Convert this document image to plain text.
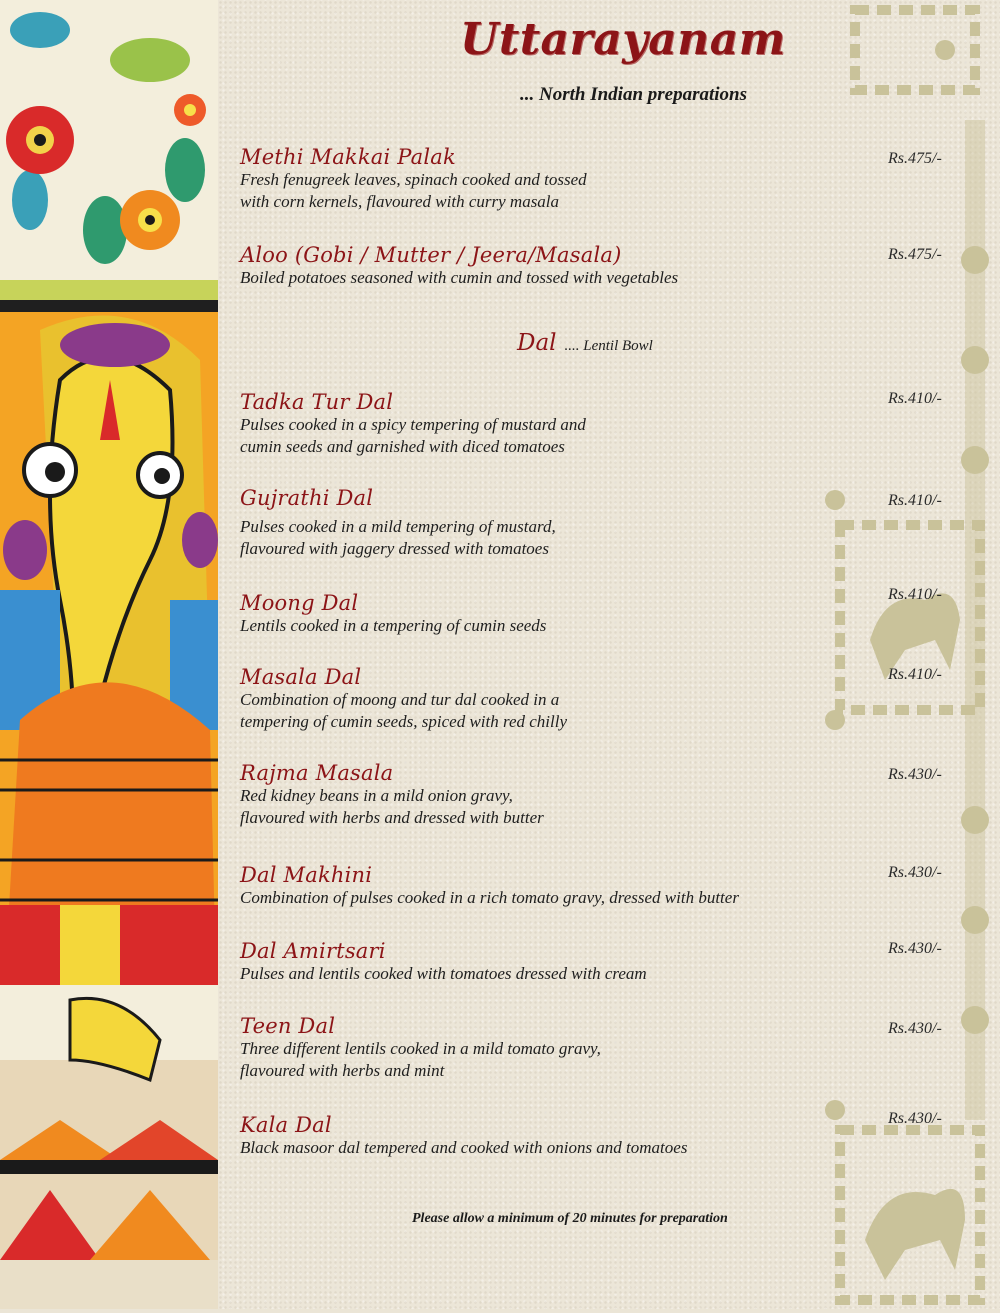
Uttarayanam
... North Indian preparations
Methi Makkai Palak
Fresh fenugreek leaves, spinach cooked and tossed
with corn kernels, flavoured with curry masala
Rs.475/-
Aloo (Gobi / Mutter / Jeera/Masala)
Boiled potatoes seasoned with cumin and tossed with vegetables
Rs.475/-
Dal .... Lentil Bowl
Tadka Tur Dal
Pulses cooked in a spicy tempering of mustard and
cumin seeds and garnished with diced tomatoes
Rs.410/-
Gujrathi Dal
Pulses cooked in a mild tempering of mustard,
flavoured with jaggery dressed with tomatoes
Rs.410/-
Moong Dal
Lentils cooked in a tempering of cumin seeds
Rs.410/-
Masala Dal
Combination of moong and tur dal cooked in a
tempering of cumin seeds, spiced with red chilly
Rs.410/-
Rajma Masala
Red kidney beans in a mild onion gravy,
flavoured with herbs and dressed with butter
Rs.430/-
Dal Makhini
Combination of pulses cooked in a rich tomato gravy, dressed with butter
Rs.430/-
Dal Amirtsari
Pulses and lentils cooked with tomatoes dressed with cream
Rs.430/-
Teen Dal
Three different lentils cooked in a mild tomato gravy,
flavoured with herbs and mint
Rs.430/-
Kala Dal
Black masoor dal tempered and cooked with onions and tomatoes
Rs.430/-
Please allow a minimum of 20 minutes for preparation
